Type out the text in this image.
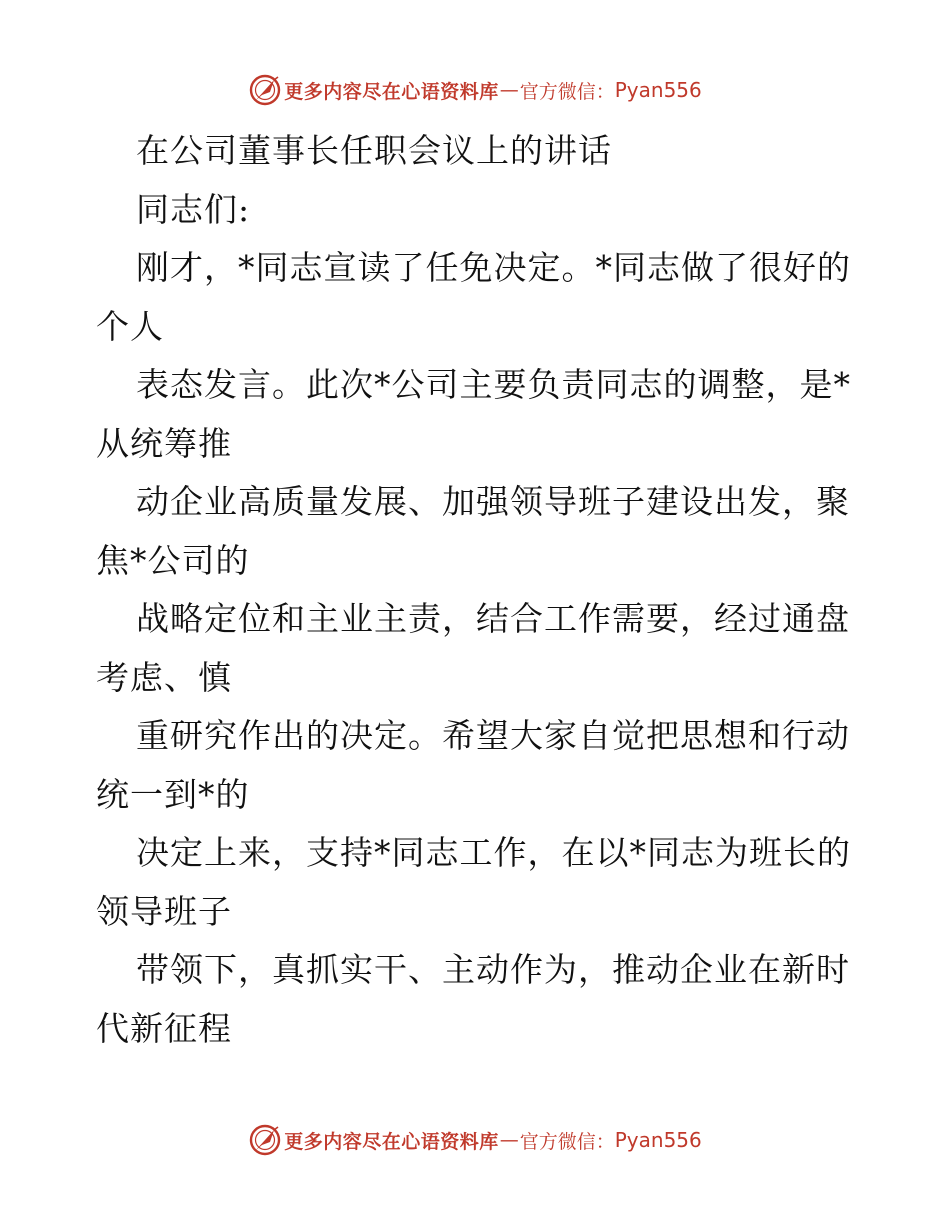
更多内容尽在心语资料库 — 官方微信： Pyan556
在公司董事长任职会议上的讲话
同志们:
刚才，*同志宣读了任免决定。*同志做了很好的
个人
表态发言。此次*公司主要负责同志的调整，是*
从统筹推
动企业高质量发展、加强领导班子建设出发，聚
焦*公司的
战略定位和主业主责，结合工作需要，经过通盘
考虑、慎
重研究作出的决定。希望大家自觉把思想和行动
统一到*的
决定上来，支持*同志工作，在以*同志为班长的
领导班子
带领下，真抓实干、主动作为，推动企业在新时
代新征程
更多内容尽在心语资料库 — 官方微信： Pyan556
